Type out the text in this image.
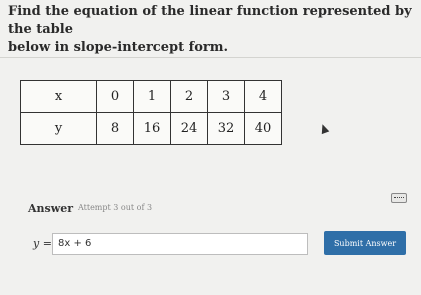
Find the equation of the linear function represented by the table
below in slope-intercept form.
x	0	1	2	3	4
y	8	16	24	32	40
Answer Attempt 3 out of 3
y = 8x + 6	Submit Answer
